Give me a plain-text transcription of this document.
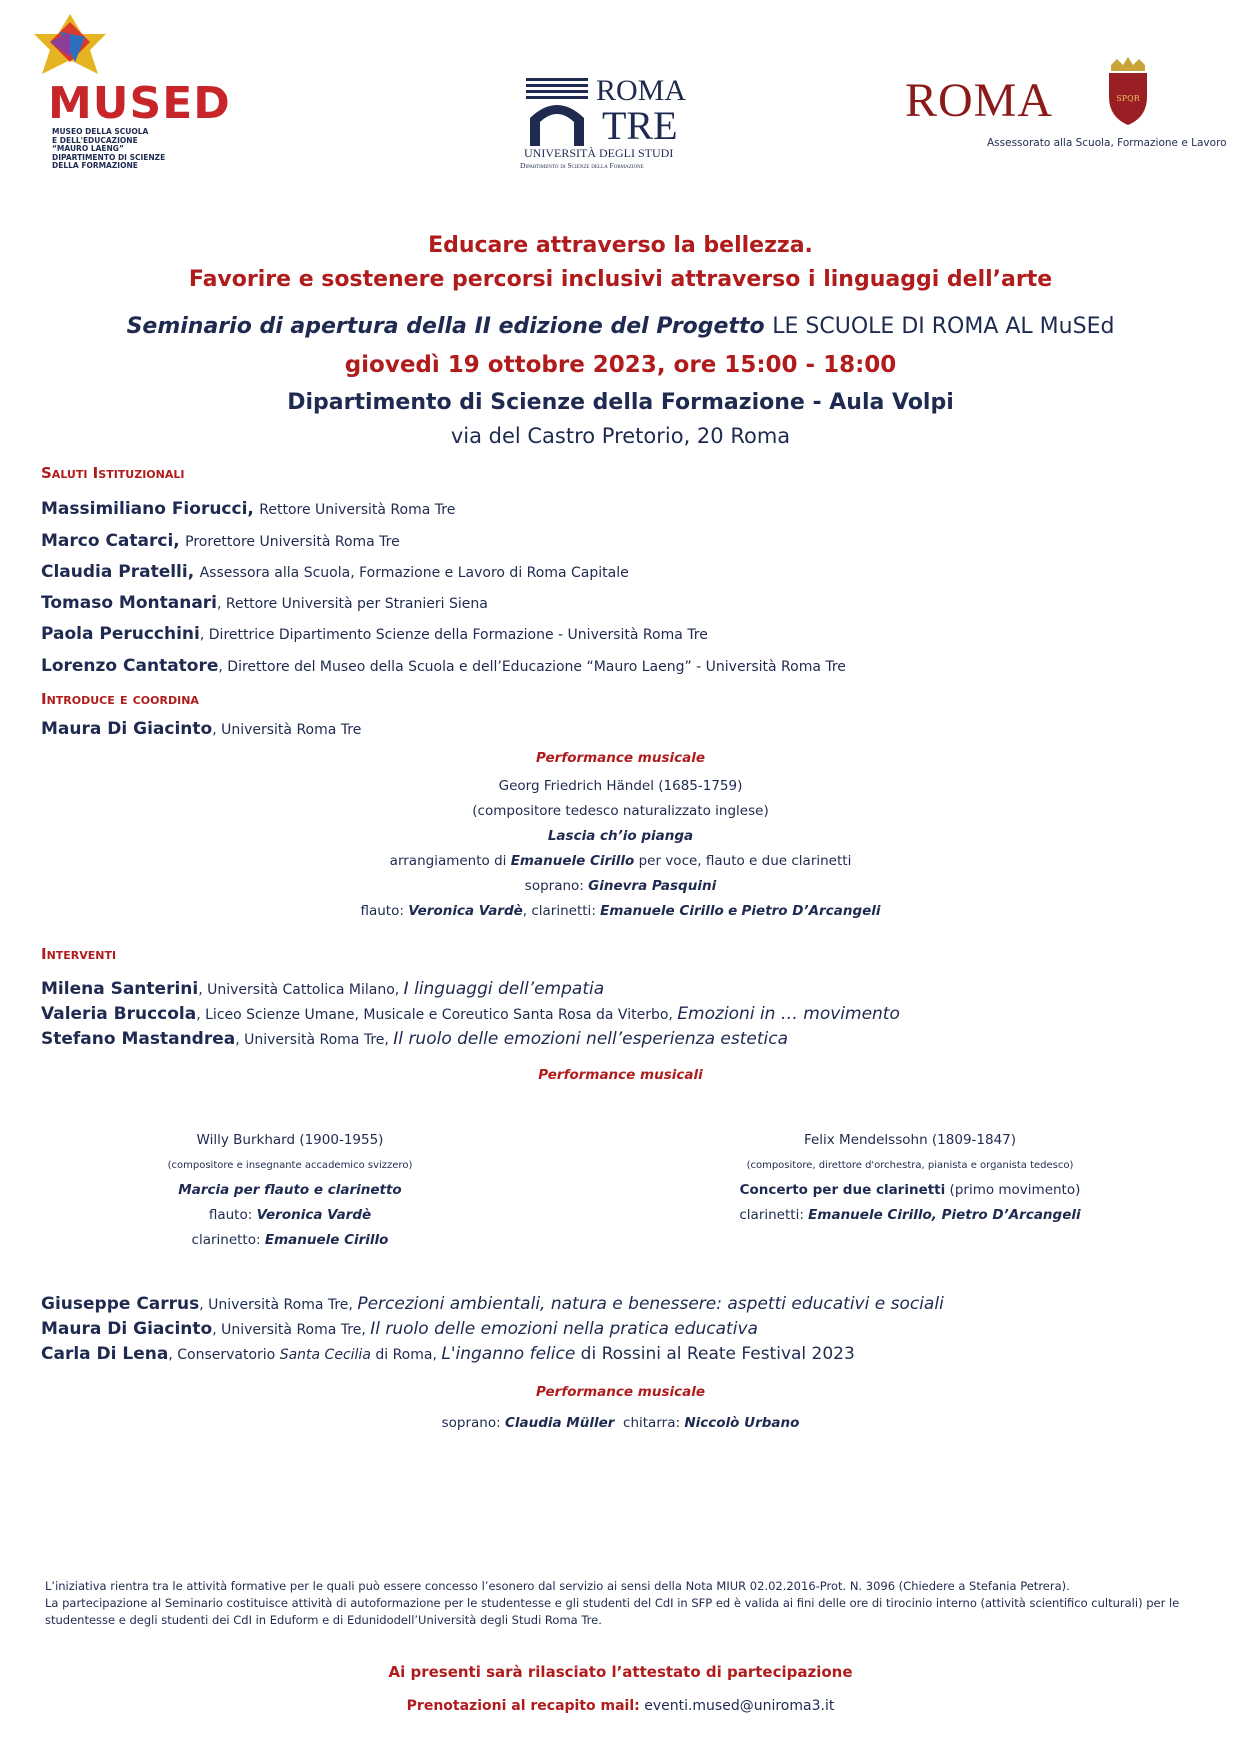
MUSED
MUSEO DELLA SCUOLA
E DELL'EDUCAZIONE
“MAURO LAENG”
DIPARTIMENTO DI SCIENZE
DELLA FORMAZIONE
ROMA
TRE
UNIVERSITÀ DEGLI STUDI
Dipartimento di Scienze della Formazione
ROMA	SPQR
Assessorato alla Scuola, Formazione e Lavoro
Educare attraverso la bellezza.
Favorire e sostenere percorsi inclusivi attraverso i linguaggi dell’arte
Seminario di apertura della II edizione del Progetto LE SCUOLE DI ROMA AL MuSEd
giovedì 19 ottobre 2023, ore 15:00 - 18:00
Dipartimento di Scienze della Formazione - Aula Volpi
via del Castro Pretorio, 20 Roma
Saluti Istituzionali
Massimiliano Fiorucci, Rettore Università Roma Tre
Marco Catarci, Prorettore Università Roma Tre
Claudia Pratelli, Assessora alla Scuola, Formazione e Lavoro di Roma Capitale
Tomaso Montanari, Rettore Università per Stranieri Siena
Paola Perucchini, Direttrice Dipartimento Scienze della Formazione - Università Roma Tre
Lorenzo Cantatore, Direttore del Museo della Scuola e dell’Educazione “Mauro Laeng” - Università Roma Tre
Introduce e coordina
Maura Di Giacinto, Università Roma Tre
Performance musicale
Georg Friedrich Händel (1685-1759)
(compositore tedesco naturalizzato inglese)
Lascia ch’io pianga
arrangiamento di Emanuele Cirillo per voce, flauto e due clarinetti
soprano: Ginevra Pasquini
flauto: Veronica Vardè, clarinetti: Emanuele Cirillo e Pietro D’Arcangeli
Interventi
Milena Santerini, Università Cattolica Milano, I linguaggi dell’empatia
Valeria Bruccola, Liceo Scienze Umane, Musicale e Coreutico Santa Rosa da Viterbo, Emozioni in … movimento
Stefano Mastandrea, Università Roma Tre, Il ruolo delle emozioni nell’esperienza estetica
Performance musicali
Willy Burkhard (1900-1955)
(compositore e insegnante accademico svizzero)
Marcia per flauto e clarinetto
flauto: Veronica Vardè
clarinetto: Emanuele Cirillo
Felix Mendelssohn (1809-1847)
(compositore, direttore d'orchestra, pianista e organista tedesco)
Concerto per due clarinetti (primo movimento)
clarinetti: Emanuele Cirillo, Pietro D’Arcangeli
Giuseppe Carrus, Università Roma Tre, Percezioni ambientali, natura e benessere: aspetti educativi e sociali
Maura Di Giacinto, Università Roma Tre, Il ruolo delle emozioni nella pratica educativa
Carla Di Lena, Conservatorio Santa Cecilia di Roma, L'inganno felice di Rossini al Reate Festival 2023
Performance musicale
soprano: Claudia Müller chitarra: Niccolò Urbano
L’iniziativa rientra tra le attività formative per le quali può essere concesso l’esonero dal servizio ai sensi della Nota MIUR 02.02.2016-Prot. N. 3096 (Chiedere a Stefania Petrera).
La partecipazione al Seminario costituisce attività di autoformazione per le studentesse e gli studenti del CdI in SFP ed è valida ai fini delle ore di tirocinio interno (attività scientifico culturali) per le studentesse e degli studenti dei CdI in Eduform e di Edunidodell’Università degli Studi Roma Tre.
Ai presenti sarà rilasciato l’attestato di partecipazione
Prenotazioni al recapito mail: eventi.mused@uniroma3.it
